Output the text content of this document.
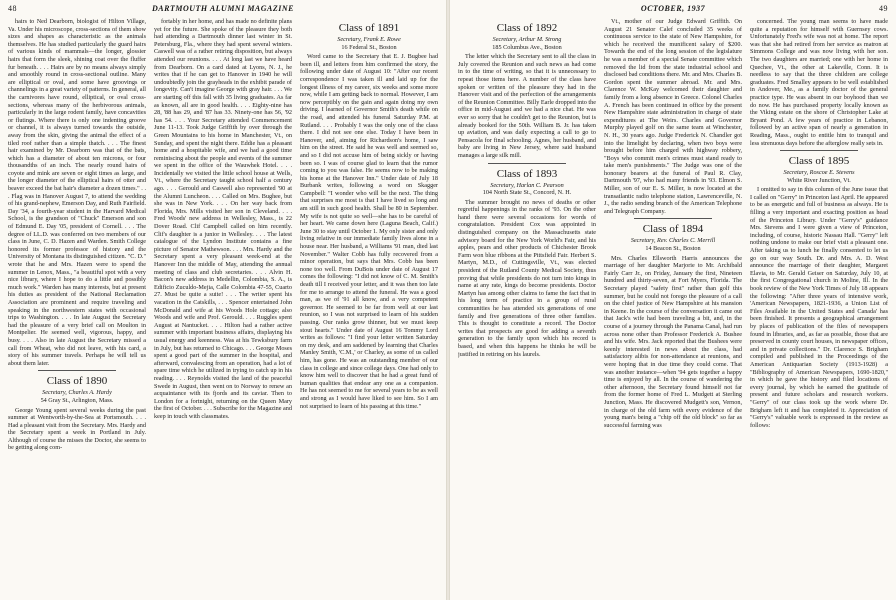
48	DARTMOUTH ALUMNI MAGAZINE

hairs to Ned Dearborn, biologist of Hilton Village, Va. Under his microscope, cross-sections of them show sizes and shapes as characteristic as the animals themselves. He has studied particularly the guard hairs of various kinds of mammals—the longer, glossier hairs that form the sleek, shining coat over the fluffer fur beneath. . . . Hairs are by no means always simply and smoothly round in cross-sectional outline. Many are elliptical or oval, and some have groovings or channelings in a great variety of patterns. In general, all the carnivores have round, elliptical, or oval cross-sections, whereas many of the herbivorous animals, particularly in the large rodent family, have concavities or flutings. Where there is only one indenting groove or channel, it is always turned towards the outside, away from the skin, giving the animal the effect of a tiled roof rather than a simple thatch. . . . The finest hair examined by Mr. Dearborn was that of the bats, which has a diameter of about ten microns, or four thousandths of an inch. The nearly round hairs of coyote and mink are seven or eight times as large, and the longer diameter of the elliptical hairs of otter and beaver exceed the bat hair's diameter a dozen times." . . . Flag was in Hanover August 7, to attend the wedding of his grand-nephew, Emerson Day, and Ruth Fairfield. Day '34, a fourth-year student in the Harvard Medical School, is the grandson of "Chuck" Emerson and son of Edmund E. Day '05, president of Cornell. . . . The degree of LL.D. was conferred on two members of our class in June, C. D. Hazen and Warden. Smith College honored its former professor of history and the University of Montana its distinguished citizen. "C. D." wrote that he and Mrs. Hazen were to spend the summer in Lenox, Mass., "a beautiful spot with a very nice library, where I hope to do a little and possibly much work." Warden has many interests, but at present his duties as president of the National Reclamation Association are prominent and require traveling and speaking in the northwestern states with occasional trips to Washington. . . . In late August the Secretary had the pleasure of a very brief call on Moulton in Montpelier. He seemed well, vigorous, happy, and busy. . . . Also in late August the Secretary missed a call from Wheat, who did not leave, with his card, a story of his summer travels. Perhaps he will tell us about them later.

Class of 1890
Secretary, Charles A. Hardy
54 Gray St., Arlington, Mass.

George Young spent several weeks during the past summer at Wentworth-by-the-Sea at Portsmouth. . . . Had a pleasant visit from the Secretary. Mrs. Hardy and the Secretary spent a week in Portland in July. Although of course the misses the Doctor, she seems to be getting along com-

fortably in her home, and has made no definite plans yet for the future. She spoke of the pleasure they both had attending a Dartmouth dinner last winter in St. Petersburg, Fla., where they had spent several winters. Caswell was of a rather retiring disposition, but always attended our reunions. . . . At long last we have heard from Dearborn. On a card dated at Lyons, N. J., he writes that if he can get to Hanover in 1940 he will undoubtedly join the grayheads in the exhibit parade of longevity. Can't imagine George with gray hair. . . . We are starting off this fall with 35 living graduates. As far as known, all are in good health. . . . Eighty-nine has 28, '88 has 29, and '87 has 33. Ninety-one has 56, '92 has 54. . . . Your Secretary attended Commencement June 11-13. Took Judge Griffith by over through the Green Mountains to his home in Manchester, Vt., on Sunday, and spent the night there. Eddie has a pleasant home and a hospitable wife, and we had a good time reminiscing about the people and events of the summer we spent in the office of the Wauwhek Hotel. . . . Incidentally we visited the little school house at Wells, Vt., where the Secretary taught school half a century ago. . . . Gerould and Caswell also represented '90 at the Alumni Luncheon. . . . Called on Mrs. Bughee, but she was in New York. . . . On her way back from Florida, Mrs. Mills visited her son in Cleveland. . . . Fred Woods' new address in Wellesley, Mass., is 22 Dover Road. Clif Campbell called on him recently. Clif's daughter is a junior in Wellesley. . . . The latest catalogue of the Lyndon Institute contains a fine picture of Senator Mathewson. . . . Mrs. Hardy and the Secretary spent a very pleasant week-end at the Hanover Inn the middle of May, attending the annual meeting of class and club secretaries. . . . Alvin H. Bacon's new address in Medellin, Colombia, S. A., is Edificio Zuculdo-Mejia, Calle Colombia 47-55, Cuarto 27. Must be quite a suite! . . . The writer spent his vacation in the Catskills, . . . Spencer entertained John McDonald and wife at his Woods Hole cottage; also Woods and wife and Prof. Gerould. . . . Ruggles spent August at Nantucket. . . . Hilton had a rather active summer with important business affairs, displaying his usual energy and keenness. Was at his Tewksbury farm in July, but has returned to Chicago. . . . George Moses spent a good part of the summer in the hospital, and afterward, convalescing from an operation, had a lot of spare time which he utilized in trying to catch up in his reading. . . . Reynolds visited the land of the peaceful Swede in August, then went on to Norway to renew an acquaintance with its fjords and its caviar. Then to London for a fortnight, returning on the Queen Mary the first of October. . . . Subscribe for the Magazine and keep in touch with classmates.

Class of 1891
Secretary, Frank E. Rowe
16 Federal St., Boston

Word came to the Secretary that E. J. Bugbee had been ill, and letters from him confirmed the story, the following under date of August 10: "After our recent correspondence I was taken ill and laid up for the longest illness of my career, six weeks and some more now, while I am getting back to normal. However, I am now perceptibly on the gain and again doing my own driving. I learned of Governor Smith's death while on the road, and attended his funeral Saturday P.M. at Rutland. . . . Probably I was the only one of the class there. I did not see one else. Today I have been in Hanover, and, aiming for Richardson's home, I saw him on the street. He said he was well and seemed so, and so I did not accuse him of being sickly or having been so. I was of course glad to learn that the rumor coming to you was false. He seems now to be making his home at the Hanover Inn." Under date of July 18 Burbank writes, following a word on Skagger Campbell: "I wonder who will be the next. The thing that surprises me most is that I have lived so long and am still in such good health. Shall be 80 in September. My wife is not quite so well—she has to be careful of her heart. We came down here (Laguna Beach, Calif.) June 30 to stay until October 1. My only sister and only living relative in our immediate family lives alone in a house near. Her husband, a Williams '91 man, died last November." Walter Cobb has fully recovered from a minor operation, but says that Mrs. Cobb has been none too well. From DuBois under date of August 17 comes the following: "I did not know of C. M. Smith's death till I received your letter, and it was then too late for me to arrange to attend the funeral. He was a good man, as we of '91 all know, and a very competent governor. He seemed to be far from well at our last reunion, so I was not surprised to learn of his sudden passing. Our ranks grow thinner, but we must keep stout hearts." Under date of August 16 Tommy Lord writes as follows: "I find your letter written Saturday on my desk, and am saddened by learning that Charles Manley Smith, 'C.M.,' or Charley, as some of us called him, has gone. He was an outstanding member of our class in college and since college days. One had only to know him well to discover that he had a great fund of human qualities that endear any one as a companion. He has not seemed to me for several years to be as well and strong as I would have liked to see him. So I am not surprised to learn of his passing at this time."

OCTOBER, 1937	49
Class of 1892
Secretary, Arthur M. Strong
185 Columbus Ave., Boston

The letter which the Secretary sent to all the class in July covered the Reunion and such news as had come in to the time of writing, so that it is unnecessary to repeat those items here. A number of the class have spoken or written of the pleasure they had in the Hanover visit and of the perfection of the arrangements of the Reunion Committee. Billy Earle dropped into the office in mid-August and we had a nice chat. He was ever so sorry that he couldn't get to the Reunion, but is already booked for the 50th. William B. Jr. has taken up aviation, and was daily expecting a call to go to Pensacola for final schooling. Agnes, her husband, and baby are living in New Jersey, where said husband manages a large silk mill.

Class of 1893
Secretary, Harlan C. Pearson
104 North State St., Concord, N. H.

The summer brought no news of deaths or other regretful happenings in the ranks of '93. On the other hand there were several occasions for words of congratulation. President Cox was appointed in distinguished company on the Massachusetts state advisory board for the New York World's Fair, and his apples, pears and other products of Chichester Brook Farm won blue ribbons at the Pittsfield Fair. Herbert S. Martyn, M.D., of Cuttingsville, Vt., was elected president of the Rutland County Medical Society, thus proving that while presidents do not turn into kings in name at any rate, kings do become presidents. Doctor Martyn has among other claims to fame the fact that in his long term of practice in a group of rural communities he has attended six generations of one family and five generations of three other families. This is thought to constitute a record. The Doctor writes that prospects are good for adding a seventh generation to the family upon which his record is based, and when this happens he thinks he will be justified in retiring on his laurels.

Vt., mother of our Judge Edward Griffith. On August 21 Senator Calef concluded 35 weeks of continuous service to the state of New Hampshire, for which he received the munificent salary of $200. Towards the end of the long session of the legislature he was a member of a special Senate committee which removed the lid from the state industrial school and disclosed bad conditions there. Mr. and Mrs. Charles B. Gordon spent the summer abroad. Mr. and Mrs. Clarence W. McKay welcomed their daughter and family from a long absence in Greece. Colonel Charles A. French has been continued in office by the present New Hampshire state administration in charge of state expenditures at The Weirs. Charles and Governor Murphy played golf on the same team at Winchester, N. H., 30 years ago. Judge Frederick N. Chandler got into the limelight by declaring, when two boys were brought before him charged with highway robbery, "Boys who commit men's crimes must stand ready to take men's punishments." The Judge was one of the honorary bearers at the funeral of Paul R. Clay, Dartmouth '97, who had many friends in '93. Elmon S. Miller, son of our E. S. Miller, is now located at the transatlantic radio telephone station, Lawrenceville, N. J., the radio sending branch of the American Telephone and Telegraph Company.

Class of 1894
Secretary, Rev. Charles C. Merrill
14 Beacon St., Boston

Mrs. Charles Ellsworth Harris announces the marriage of her daughter Marjorie to Mr. Archibald Fairly Carr Jr., on Friday, January the first, Nineteen hundred and thirty-seven, at Fort Myers, Florida. The Secretary played "safety first" rather than golf this summer, but he could not forego the pleasure of a call on the chief justice of New Hampshire at his mansion in Keene. In the course of the conversation it came out that Jack's wife had been traveling a bit, and, in the course of a journey through the Panama Canal, had run across none other than Professor Frederick A. Bushee and his wife. Mrs. Jack reported that the Bushees were keenly interested in news about the class, had satisfactory alibis for non-attendance at reunions, and were hoping that in due time they could come. That was another instance—when '94 gets together a happy time is enjoyed by all. In the course of wandering the other afternoon, the Secretary found himself not far from the former home of Fred L. Mudgett at Sterling Junction, Mass. He discovered Mudgett's son, Vernon, in charge of the old farm with every evidence of the young man's being a "chip off the old block" so far as successful farming was

concerned. The young man seems to have made quite a reputation for himself with Guernsey cows. Unfortunately Fred's wife was not at home. The report was that she had retired from her service as matron at Simmons College and was now living with her son. The two daughters are married; one with her home in Quechee, Vt., the other at Lakeville, Conn. It is needless to say that the three children are college graduates. Fred Smalley appears to be well established in Andover, Me., as a family doctor of the general practice type. He was absent in our boyhood than we do now. He has purchased property locally known as the Viking estate on the shore of Christopher Lake at Bryant Pond. A few years of practice in Lebanon, followed by an active span of nearly a generation in Reading, Mass., ought to entitle him to tranquil and less strenuous days before the afterglow really sets in.

Class of 1895
Secretary, Roscoe E. Stevens
White River Junction, Vt.

I omitted to say in this column of the June issue that I called on "Gerry" in Princeton last April. He appeared to be as energetic and full of business as always. He is filling a very important and exacting position as head of the Princeton Library. Under "Gerry's" guidance Mrs. Stevens and I were given a view of Princeton, including, of course, historic Nassau Hall. "Gerry" left nothing undone to make our brief visit a pleasant one. After taking us to lunch he finally consented to let us go on our way South. Dr. and Mrs. A. D. West announce the marriage of their daughter, Margaret Elavia, to Mr. Gerald Geiser on Saturday, July 10, at the first Congregational church in Moline, Ill. In the book review of the New York Times of July 18 appears the following: "After three years of intensive work, 'American Newspapers, 1821-1936, a Union List of Files Available in the United States and Canada' has been finished. It presents a geographical arrangement by places of publication of the files of newspapers found in libraries, and, as far as possible, those that are preserved in county court houses, in newspaper offices, and in private collections." Dr. Clarence S. Brigham compiled and published in the Proceedings of the American Antiquarian Society (1913-1928) a "Bibliography of American Newspapers, 1690-1820," in which he gave the history and filed locations of every journal, by which he earned the gratitude of present and future scholars and research workers. "Gerry" of our class took up the work where Dr. Brigham left it and has completed it. Appreciation of "Gerry's" valuable work is expressed in the review as follows:
